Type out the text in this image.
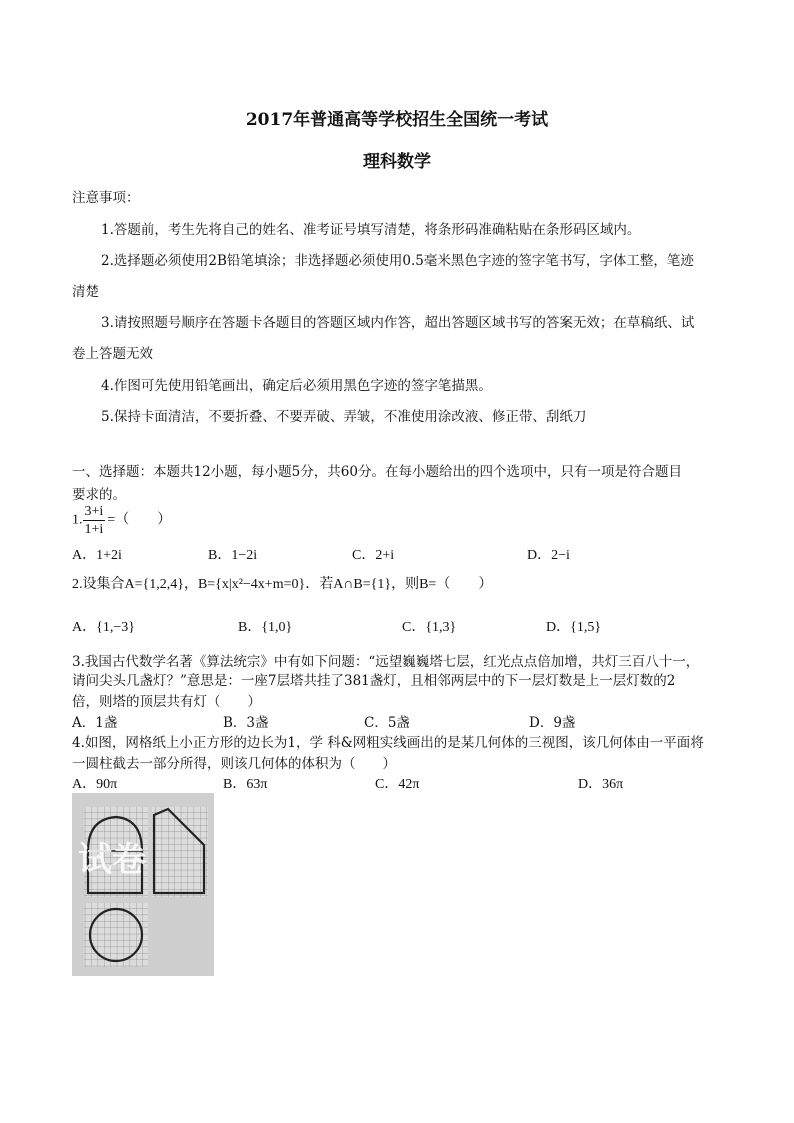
2017年普通高等学校招生全国统一考试
理科数学
注意事项：
1.答题前，考生先将自己的姓名、准考证号填写清楚，将条形码准确粘贴在条形码区域内。
2.选择题必须使用2B铅笔填涂；非选择题必须使用0.5毫米黑色字迹的签字笔书写，字体工整，笔迹
清楚
3.请按照题号顺序在答题卡各题目的答题区域内作答，超出答题区域书写的答案无效；在草稿纸、试
卷上答题无效
4.作图可先使用铅笔画出，确定后必须用黑色字迹的签字笔描黑。
5.保持卡面清洁，不要折叠、不要弄破、弄皱，不准使用涂改液、修正带、刮纸刀
一、选择题：本题共12小题，每小题5分，共60分。在每小题给出的四个选项中，只有一项是符合题目
要求的。
1. $\frac{3+i}{1+i}$ =（　　）
A．1+2i	B．1−2i	C．2+i	D．2−i
2.设集合A={1,2,4}，B={x|x²−4x+m=0}．若A∩B={1}，则B=（　　）
A．{1,−3}	B．{1,0}	C．{1,3}	D．{1,5}
3.我国古代数学名著《算法统宗》中有如下问题：“远望巍巍塔七层，红光点点倍加增，共灯三百八十一，
请问尖头几盏灯？”意思是：一座7层塔共挂了381盏灯，且相邻两层中的下一层灯数是上一层灯数的2
倍，则塔的顶层共有灯（　　）
A．1盏	B．3盏	C．5盏	D．9盏
4.如图，网格纸上小正方形的边长为1，学 科&网粗实线画出的是某几何体的三视图，该几何体由一平面将
一圆柱截去一部分所得，则该几何体的体积为（　　）
A．90π	B．63π	C．42π	D．36π
试卷
